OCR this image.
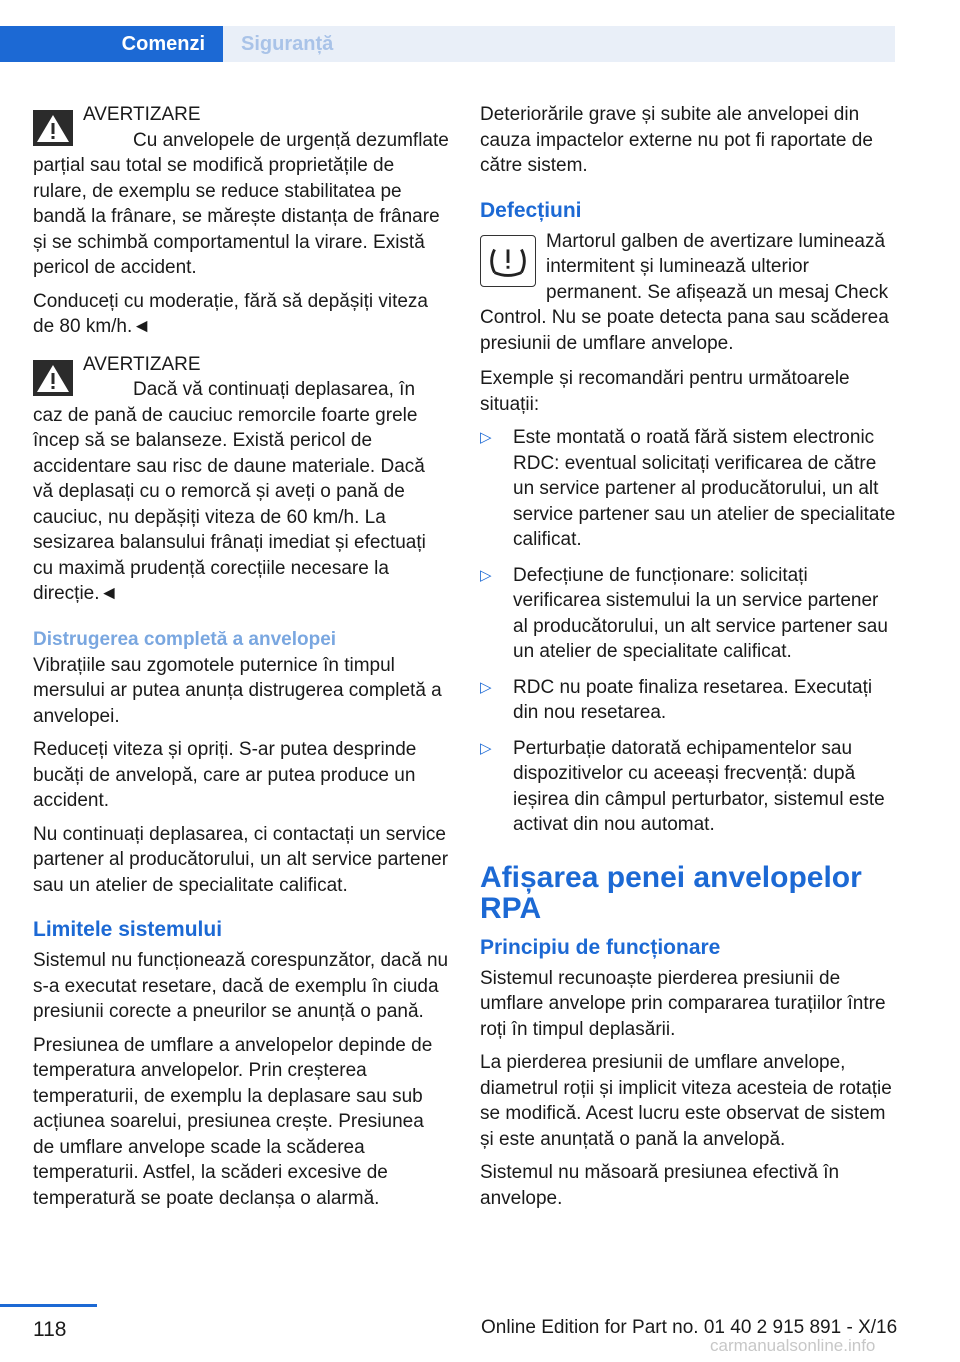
Comenzi	Siguranță
AVERTIZARE

Cu anvelopele de urgență dezumflate parțial sau total se modifică proprietățile de rulare, de exemplu se reduce stabilitatea pe bandă la frânare, se mărește distanța de frânare și se schimbă comportamentul la virare. Există pericol de accident.

Conduceți cu moderație, fără să depășiți viteza de 80 km/h.◄

AVERTIZARE

Dacă vă continuați deplasarea, în caz de pană de cauciuc remorcile foarte grele încep să se balanseze. Există pericol de accidentare sau risc de daune materiale. Dacă vă deplasați cu o remorcă și aveți o pană de cauciuc, nu depășiți viteza de 60 km/h. La sesizarea balansului frânați imediat și efectuați cu maximă prudență corecțiile necesare la direcție.◄

Distrugerea completă a anvelopei

Vibrațiile sau zgomotele puternice în timpul mersului ar putea anunța distrugerea completă a anvelopei.

Reduceți viteza și opriți. S-ar putea desprinde bucăți de anvelopă, care ar putea produce un accident.

Nu continuați deplasarea, ci contactați un service partener al producătorului, un alt service partener sau un atelier de specialitate calificat.

Limitele sistemului

Sistemul nu funcționează corespunzător, dacă nu s-a executat resetare, dacă de exemplu în ciuda presiunii corecte a pneurilor se anunță o pană.

Presiunea de umflare a anvelopelor depinde de temperatura anvelopelor. Prin creșterea temperaturii, de exemplu la deplasare sau sub acțiunea soarelui, presiunea crește. Presiunea de umflare anvelope scade la scăderea temperaturii. Astfel, la scăderi excesive de temperatură se poate declanșa o alarmă.

Deteriorările grave și subite ale anvelopei din cauza impactelor externe nu pot fi raportate de către sistem.

Defecțiuni

Martorul galben de avertizare luminează intermitent și luminează ulterior permanent. Se afișează un mesaj Check Control. Nu se poate detecta pana sau scăderea presiunii de umflare anvelope.

Exemple și recomandări pentru următoarele situații:

▷ Este montată o roată fără sistem electronic RDC: eventual solicitați verificarea de către un service partener al producătorului, un alt service partener sau un atelier de specialitate calificat.
▷ Defecțiune de funcționare: solicitați verificarea sistemului la un service partener al producătorului, un alt service partener sau un atelier de specialitate calificat.
▷ RDC nu poate finaliza resetarea. Executați din nou resetarea.
▷ Perturbație datorată echipamentelor sau dispozitivelor cu aceeași frecvență: după ieșirea din câmpul perturbator, sistemul este activat din nou automat.
Afișarea penei anvelopelor RPA
Principiu de funcționare

Sistemul recunoaște pierderea presiunii de umflare anvelope prin compararea turațiilor între roți în timpul deplasării.

La pierderea presiunii de umflare anvelope, diametrul roții și implicit viteza acesteia de rotație se modifică. Acest lucru este observat de sistem și este anunțată o pană la anvelopă.

Sistemul nu măsoară presiunea efectivă în anvelope.

118	Online Edition for Part no. 01 40 2 915 891 - X/16
carmanualsonline.info
